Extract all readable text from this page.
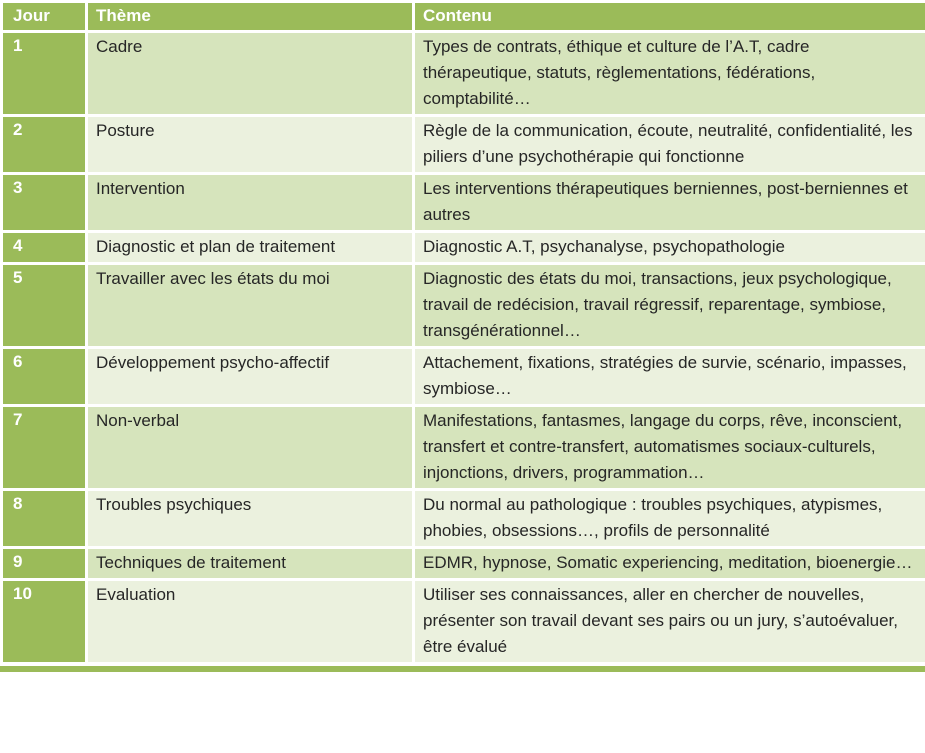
Jour	Thème	Contenu
1	Cadre	Types de contrats, éthique et culture de l’A.T, cadre thérapeutique, statuts, règlementations, fédérations, comptabilité…
2	Posture	Règle de la communication, écoute, neutralité, confidentialité, les piliers d’une psychothérapie qui fonctionne
3	Intervention	Les interventions thérapeutiques berniennes, post-berniennes et autres
4	Diagnostic et plan de traitement	Diagnostic A.T, psychanalyse, psychopathologie
5	Travailler avec les états du moi	Diagnostic des états du moi, transactions, jeux psychologique, travail de redécision, travail régressif, reparentage, symbiose, transgénérationnel…
6	Développement psycho-affectif	Attachement, fixations, stratégies de survie, scénario, impasses, symbiose…
7	Non-verbal	Manifestations, fantasmes, langage du corps, rêve, inconscient, transfert et contre-transfert, automatismes sociaux-culturels, injonctions, drivers, programmation…
8	Troubles psychiques	Du normal au pathologique : troubles psychiques, atypismes, phobies, obsessions…, profils de personnalité
9	Techniques de traitement	EDMR, hypnose, Somatic experiencing, meditation, bioenergie…
10	Evaluation	Utiliser ses connaissances, aller en chercher de nouvelles, présenter son travail devant ses pairs ou un jury, s’autoévaluer, être évalué
